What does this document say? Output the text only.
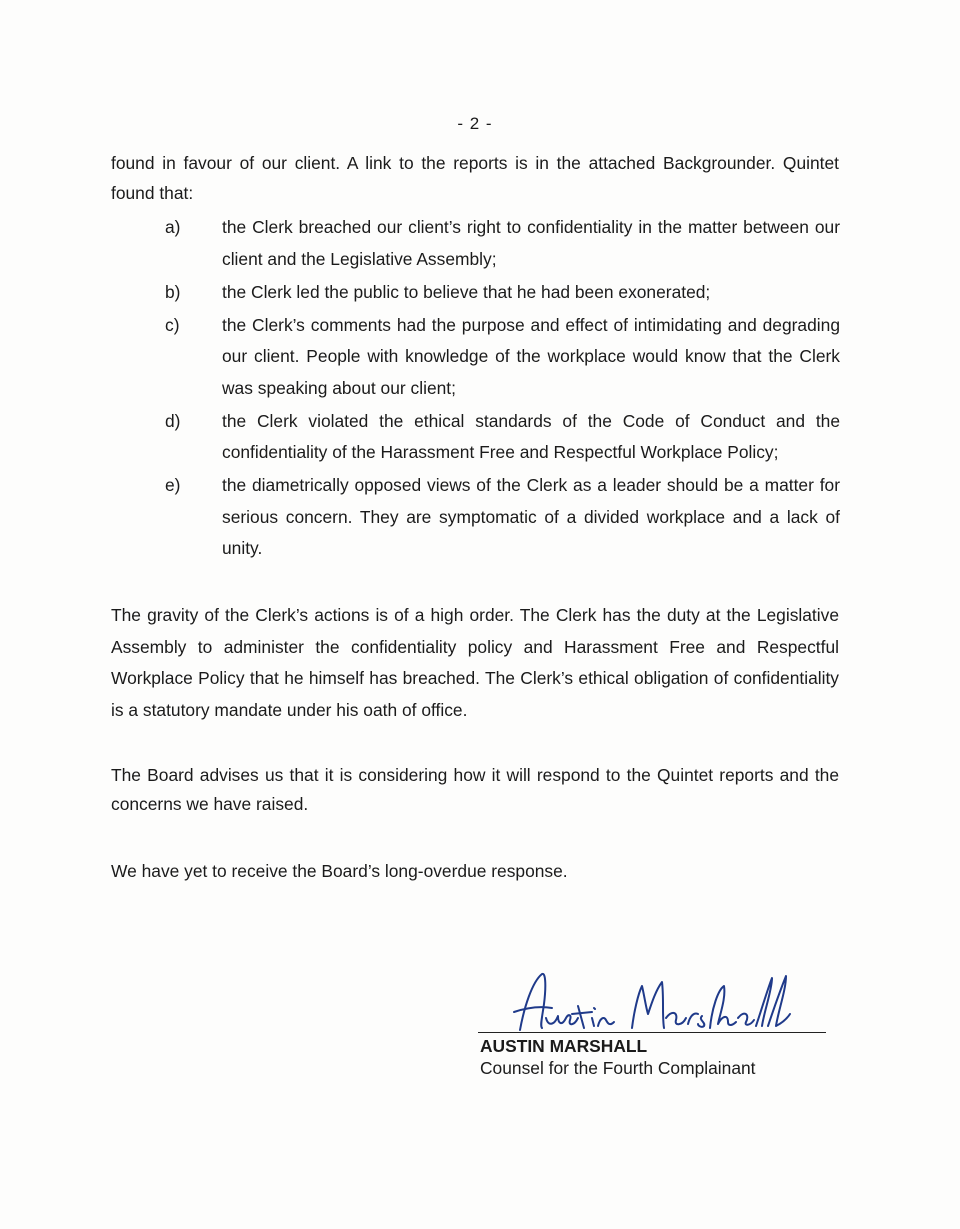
- 2 -

found in favour of our client. A link to the reports is in the attached Backgrounder. Quintet found that:

a) the Clerk breached our client’s right to confidentiality in the matter between our client and the Legislative Assembly;
b) the Clerk led the public to believe that he had been exonerated;
c) the Clerk’s comments had the purpose and effect of intimidating and degrading our client. People with knowledge of the workplace would know that the Clerk was speaking about our client;
d) the Clerk violated the ethical standards of the Code of Conduct and the confidentiality of the Harassment Free and Respectful Workplace Policy;
e) the diametrically opposed views of the Clerk as a leader should be a matter for serious concern. They are symptomatic of a divided workplace and a lack of unity.

The gravity of the Clerk’s actions is of a high order. The Clerk has the duty at the Legislative Assembly to administer the confidentiality policy and Harassment Free and Respectful Workplace Policy that he himself has breached. The Clerk’s ethical obligation of confidentiality is a statutory mandate under his oath of office.

The Board advises us that it is considering how it will respond to the Quintet reports and the concerns we have raised.

We have yet to receive the Board’s long-overdue response.

AUSTIN MARSHALL
Counsel for the Fourth Complainant
